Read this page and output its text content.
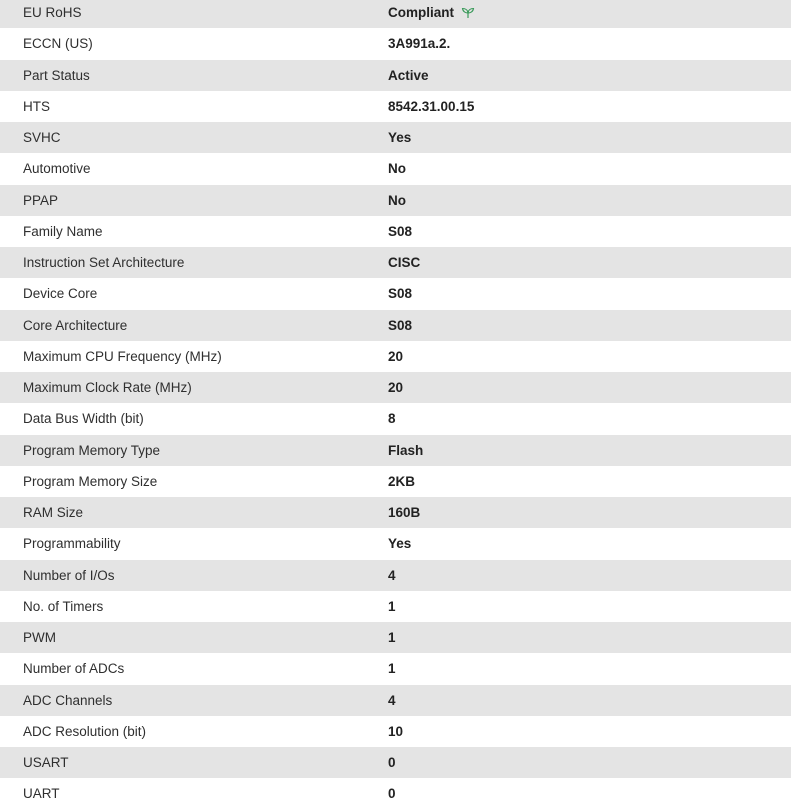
EU RoHS	Compliant
ECCN (US)	3A991a.2.
Part Status	Active
HTS	8542.31.00.15
SVHC	Yes
Automotive	No
PPAP	No
Family Name	S08
Instruction Set Architecture	CISC
Device Core	S08
Core Architecture	S08
Maximum CPU Frequency (MHz)	20
Maximum Clock Rate (MHz)	20
Data Bus Width (bit)	8
Program Memory Type	Flash
Program Memory Size	2KB
RAM Size	160B
Programmability	Yes
Number of I/Os	4
No. of Timers	1
PWM	1
Number of ADCs	1
ADC Channels	4
ADC Resolution (bit)	10
USART	0
UART	0
